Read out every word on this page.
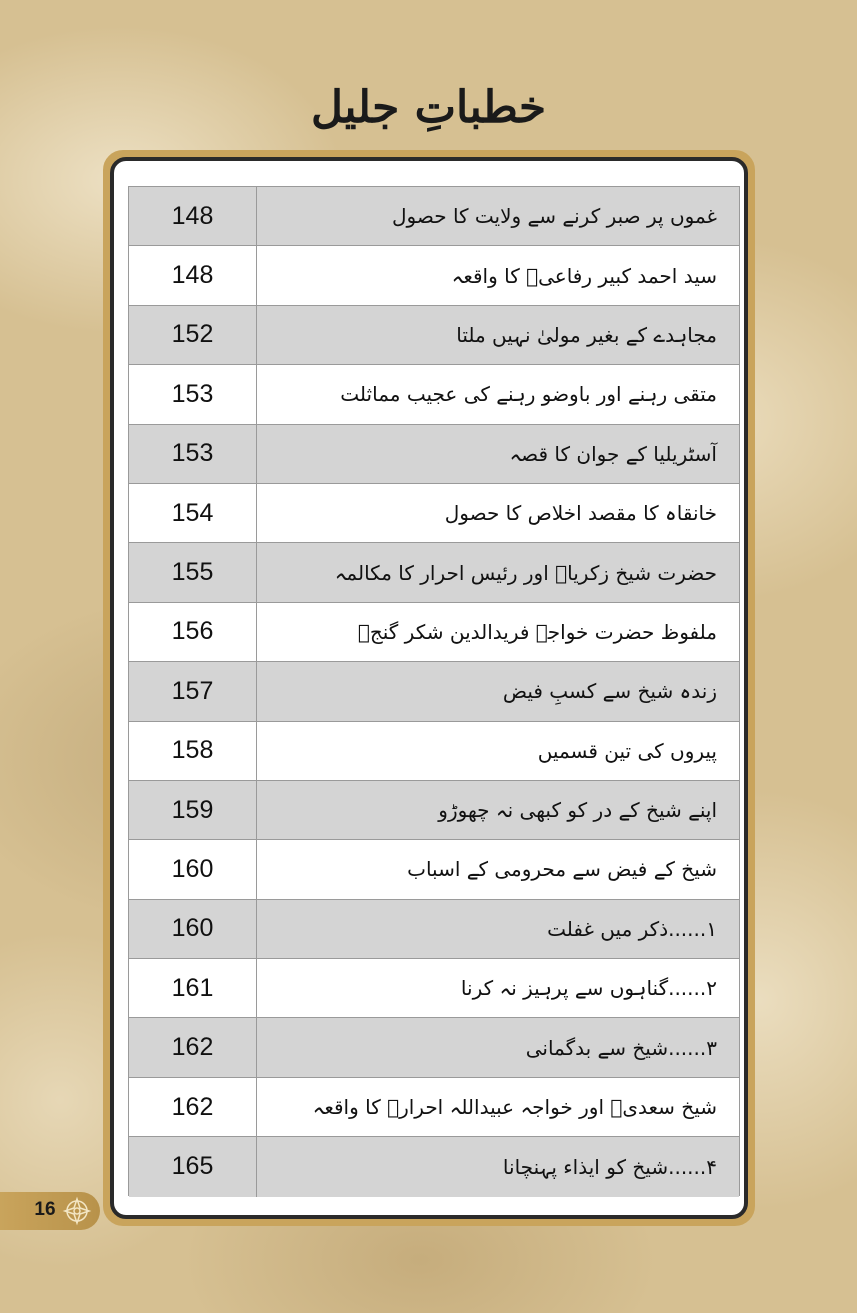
خطباتِ جلیل
148	غموں پر صبر کرنے سے ولایت کا حصول
148	سید احمد کبیر رفاعیؒ کا واقعہ
152	مجاہدے کے بغیر مولیٰ نہیں ملتا
153	متقی رہنے اور باوضو رہنے کی عجیب مماثلت
153	آسٹریلیا کے جوان کا قصہ
154	خانقاہ کا مقصد اخلاص کا حصول
155	حضرت شیخ زکریاؒ اور رئیس احرار کا مکالمہ
156	ملفوظ حضرت خواجہ فریدالدین شکر گنجؒ
157	زندہ شیخ سے کسبِ فیض
158	پیروں کی تین قسمیں
159	اپنے شیخ کے در کو کبھی نہ چھوڑو
160	شیخ کے فیض سے محرومی کے اسباب
160	۱......ذکر میں غفلت
161	۲......گناہوں سے پرہیز نہ کرنا
162	۳......شیخ سے بدگمانی
162	شیخ سعدیؒ اور خواجہ عبیداللہ احرارؒ کا واقعہ
165	۴......شیخ کو ایذاء پہنچانا
16
